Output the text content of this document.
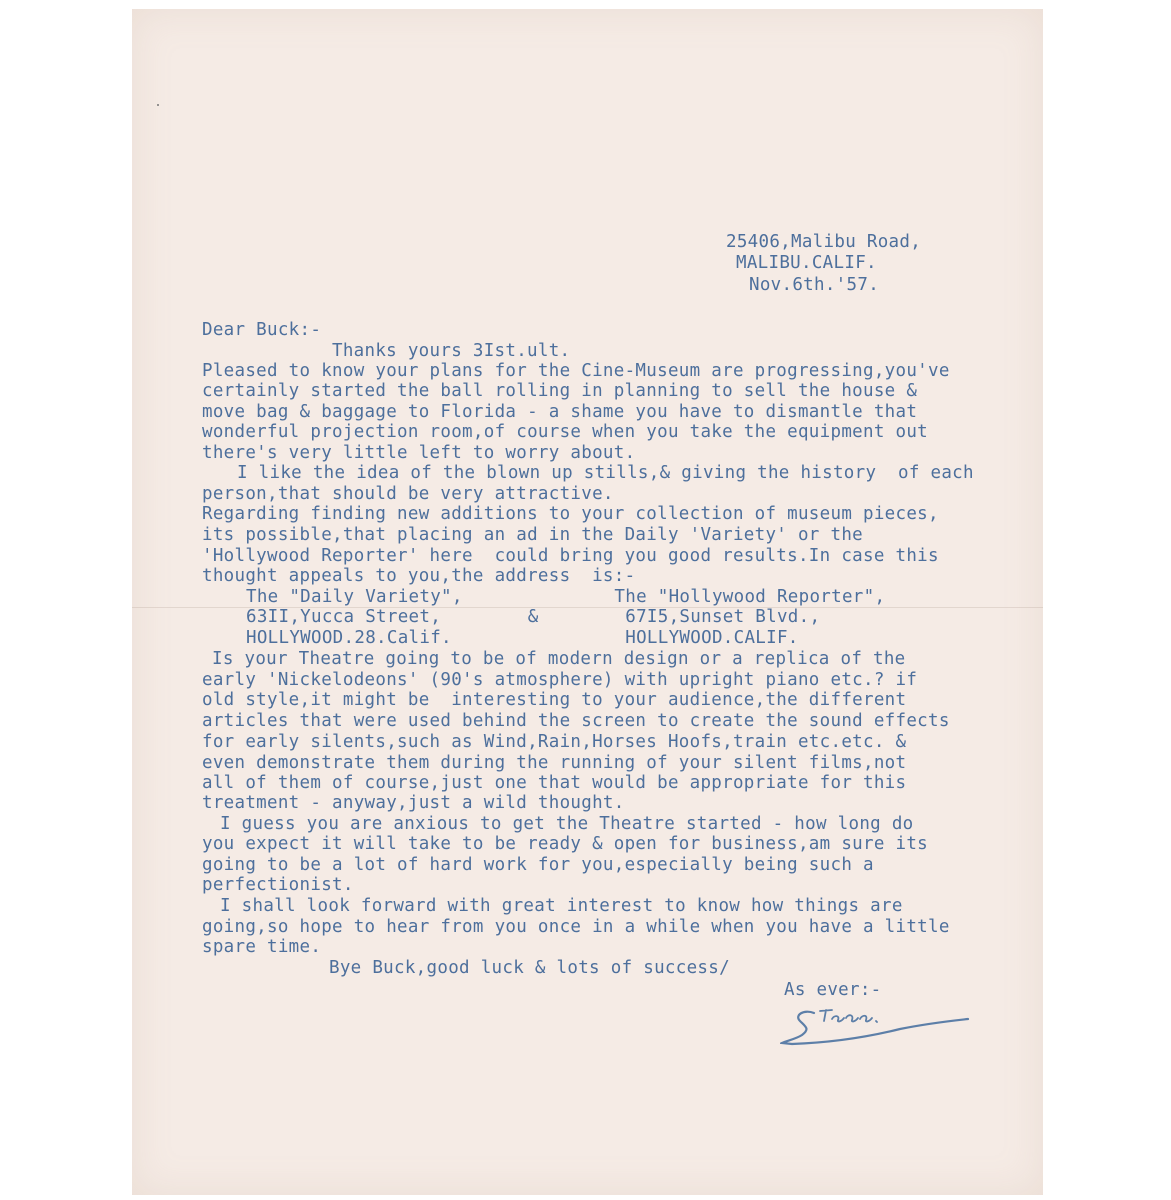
25406,Malibu Road,
MALIBU.CALIF.
Nov.6th.'57.
Dear Buck:-
Thanks yours 3Ist.ult.
Pleased to know your plans for the Cine-Museum are progressing,you've
certainly started the ball rolling in planning to sell the house &
move bag & baggage to Florida - a shame you have to dismantle that
wonderful projection room,of course when you take the equipment out
there's very little left to worry about.
I like the idea of the blown up stills,& giving the history  of each
person,that should be very attractive.
Regarding finding new additions to your collection of museum pieces,
its possible,that placing an ad in the Daily 'Variety' or the
'Hollywood Reporter' here  could bring you good results.In case this
thought appeals to you,the address  is:-
The "Daily Variety",              The "Hollywood Reporter",
63II,Yucca Street,        &        67I5,Sunset Blvd.,
HOLLYWOOD.28.Calif.                HOLLYWOOD.CALIF.
Is your Theatre going to be of modern design or a replica of the
early 'Nickelodeons' (90's atmosphere) with upright piano etc.? if
old style,it might be  interesting to your audience,the different
articles that were used behind the screen to create the sound effects
for early silents,such as Wind,Rain,Horses Hoofs,train etc.etc. &
even demonstrate them during the running of your silent films,not
all of them of course,just one that would be appropriate for this
treatment - anyway,just a wild thought.
I guess you are anxious to get the Theatre started - how long do
you expect it will take to be ready & open for business,am sure its
going to be a lot of hard work for you,especially being such a
perfectionist.
I shall look forward with great interest to know how things are
going,so hope to hear from you once in a while when you have a little
spare time.
Bye Buck,good luck & lots of success/
As ever:-
